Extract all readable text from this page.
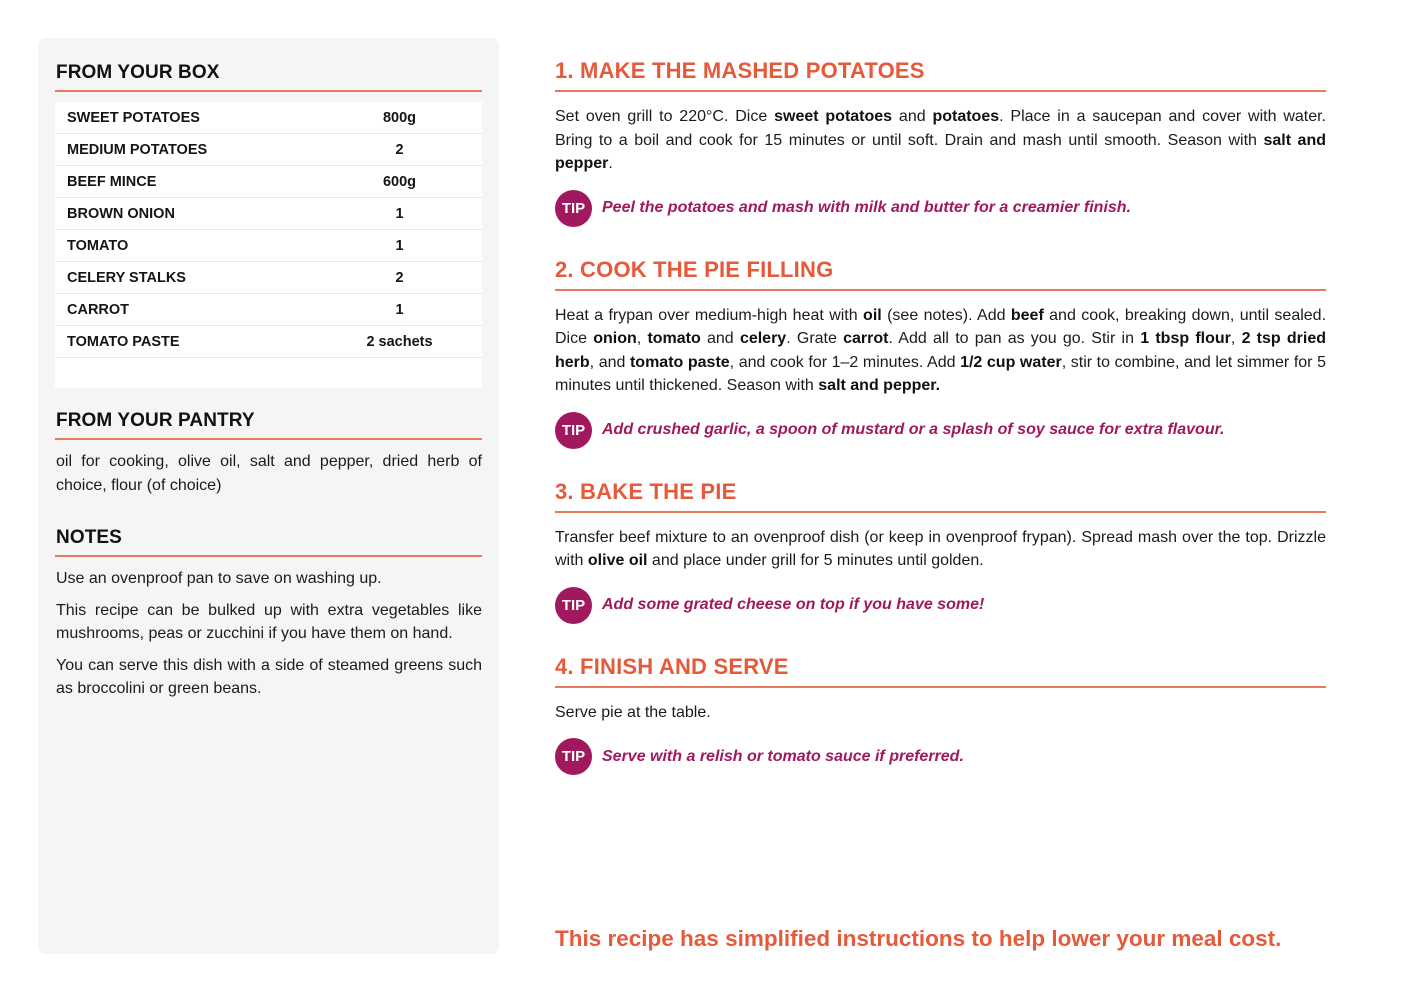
FROM YOUR BOX
SWEET POTATOES	800g
MEDIUM POTATOES	2
BEEF MINCE	600g
BROWN ONION	1
TOMATO	1
CELERY STALKS	2
CARROT	1
TOMATO PASTE	2 sachets

FROM YOUR PANTRY

oil for cooking, olive oil, salt and pepper, dried herb of choice, flour (of choice)

NOTES

Use an ovenproof pan to save on washing up.

This recipe can be bulked up with extra vegetables like mushrooms, peas or zucchini if you have them on hand.

You can serve this dish with a side of steamed greens such as broccolini or green beans.

1. MAKE THE MASHED POTATOES

Set oven grill to 220°C. Dice sweet potatoes and potatoes. Place in a saucepan and cover with water. Bring to a boil and cook for 15 minutes or until soft. Drain and mash until smooth. Season with salt and pepper.

TIP	Peel the potatoes and mash with milk and butter for a creamier finish.
2. COOK THE PIE FILLING

Heat a frypan over medium-high heat with oil (see notes). Add beef and cook, breaking down, until sealed. Dice onion, tomato and celery. Grate carrot. Add all to pan as you go. Stir in 1 tbsp flour, 2 tsp dried herb, and tomato paste, and cook for 1–2 minutes. Add 1/2 cup water, stir to combine, and let simmer for 5 minutes until thickened. Season with salt and pepper.

TIP	Add crushed garlic, a spoon of mustard or a splash of soy sauce for extra flavour.
3. BAKE THE PIE

Transfer beef mixture to an ovenproof dish (or keep in ovenproof frypan). Spread mash over the top. Drizzle with olive oil and place under grill for 5 minutes until golden.

TIP	Add some grated cheese on top if you have some!
4. FINISH AND SERVE

Serve pie at the table.

TIP	Serve with a relish or tomato sauce if preferred.
This recipe has simplified instructions to help lower your meal cost.
